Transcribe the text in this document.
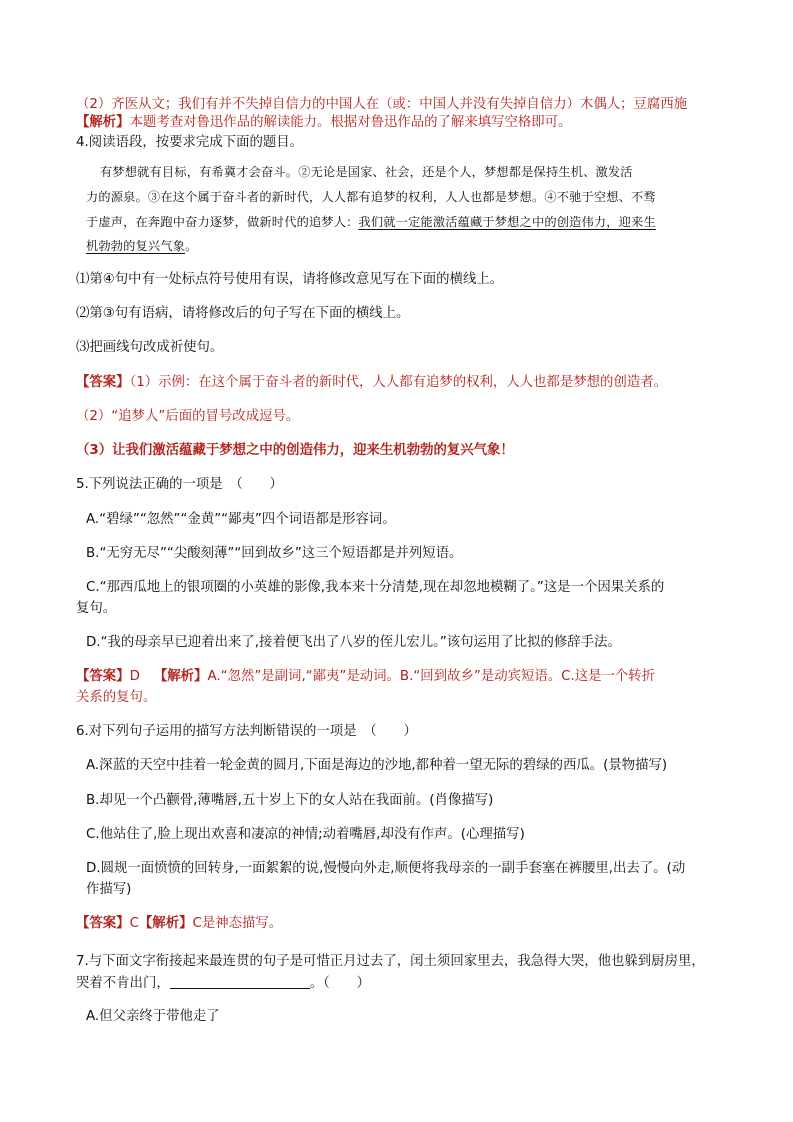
（2）齐医从文；我们有并不失掉自信力的中国人在（或：中国人并没有失掉自信力）木偶人；豆腐西施
【解析】本题考查对鲁迅作品的解读能力。根据对鲁迅作品的了解来填写空格即可。
4.阅读语段，按要求完成下面的题目。
有梦想就有目标，有希冀才会奋斗。②无论是国家、社会，还是个人，梦想都是保持生机、激发活
力的源泉。③在这个属于奋斗者的新时代，人人都有追梦的权利，人人也都是梦想。④不驰于空想、不骛
于虚声，在奔跑中奋力逐梦，做新时代的追梦人：我们就一定能激活蕴藏于梦想之中的创造伟力，迎来生
机勃勃的复兴气象。
⑴第④句中有一处标点符号使用有误，请将修改意见写在下面的横线上。
⑵第③句有语病，请将修改后的句子写在下面的横线上。
⑶把画线句改成祈使句。
【答案】（1）示例：在这个属于奋斗者的新时代，人人都有追梦的权利，人人也都是梦想的创造者。
（2）“追梦人”后面的冒号改成逗号。
（3）让我们激活蕴藏于梦想之中的创造伟力，迎来生机勃勃的复兴气象！
5.下列说法正确的一项是　（　　）
A.“碧绿”“忽然”“金黄”“鄙夷”四个词语都是形容词。
B.“无穷无尽”“尖酸刻薄”“回到故乡”这三个短语都是并列短语。
C.“那西瓜地上的银项圈的小英雄的影像,我本来十分清楚,现在却忽地模糊了。”这是一个因果关系的
复句。
D.“我的母亲早已迎着出来了,接着便飞出了八岁的侄儿宏儿。”该句运用了比拟的修辞手法。
【答案】D 【解析】A.“忽然”是副词,“鄙夷”是动词。B.“回到故乡”是动宾短语。C.这是一个转折
关系的复句。
6.对下列句子运用的描写方法判断错误的一项是　（　　）
A.深蓝的天空中挂着一轮金黄的圆月,下面是海边的沙地,都种着一望无际的碧绿的西瓜。(景物描写)
B.却见一个凸颧骨,薄嘴唇,五十岁上下的女人站在我面前。(肖像描写)
C.他站住了,脸上现出欢喜和凄凉的神情;动着嘴唇,却没有作声。(心理描写)
D.圆规一面愤愤的回转身,一面絮絮的说,慢慢向外走,顺便将我母亲的一副手套塞在裤腰里,出去了。(动
作描写)
【答案】C【解析】C是神态描写。
7.与下面文字衔接起来最连贯的句子是可惜正月过去了，闰土须回家里去，我急得大哭，他也躲到厨房里，
哭着不肯出门，	。（　　）
A.但父亲终于带他走了
